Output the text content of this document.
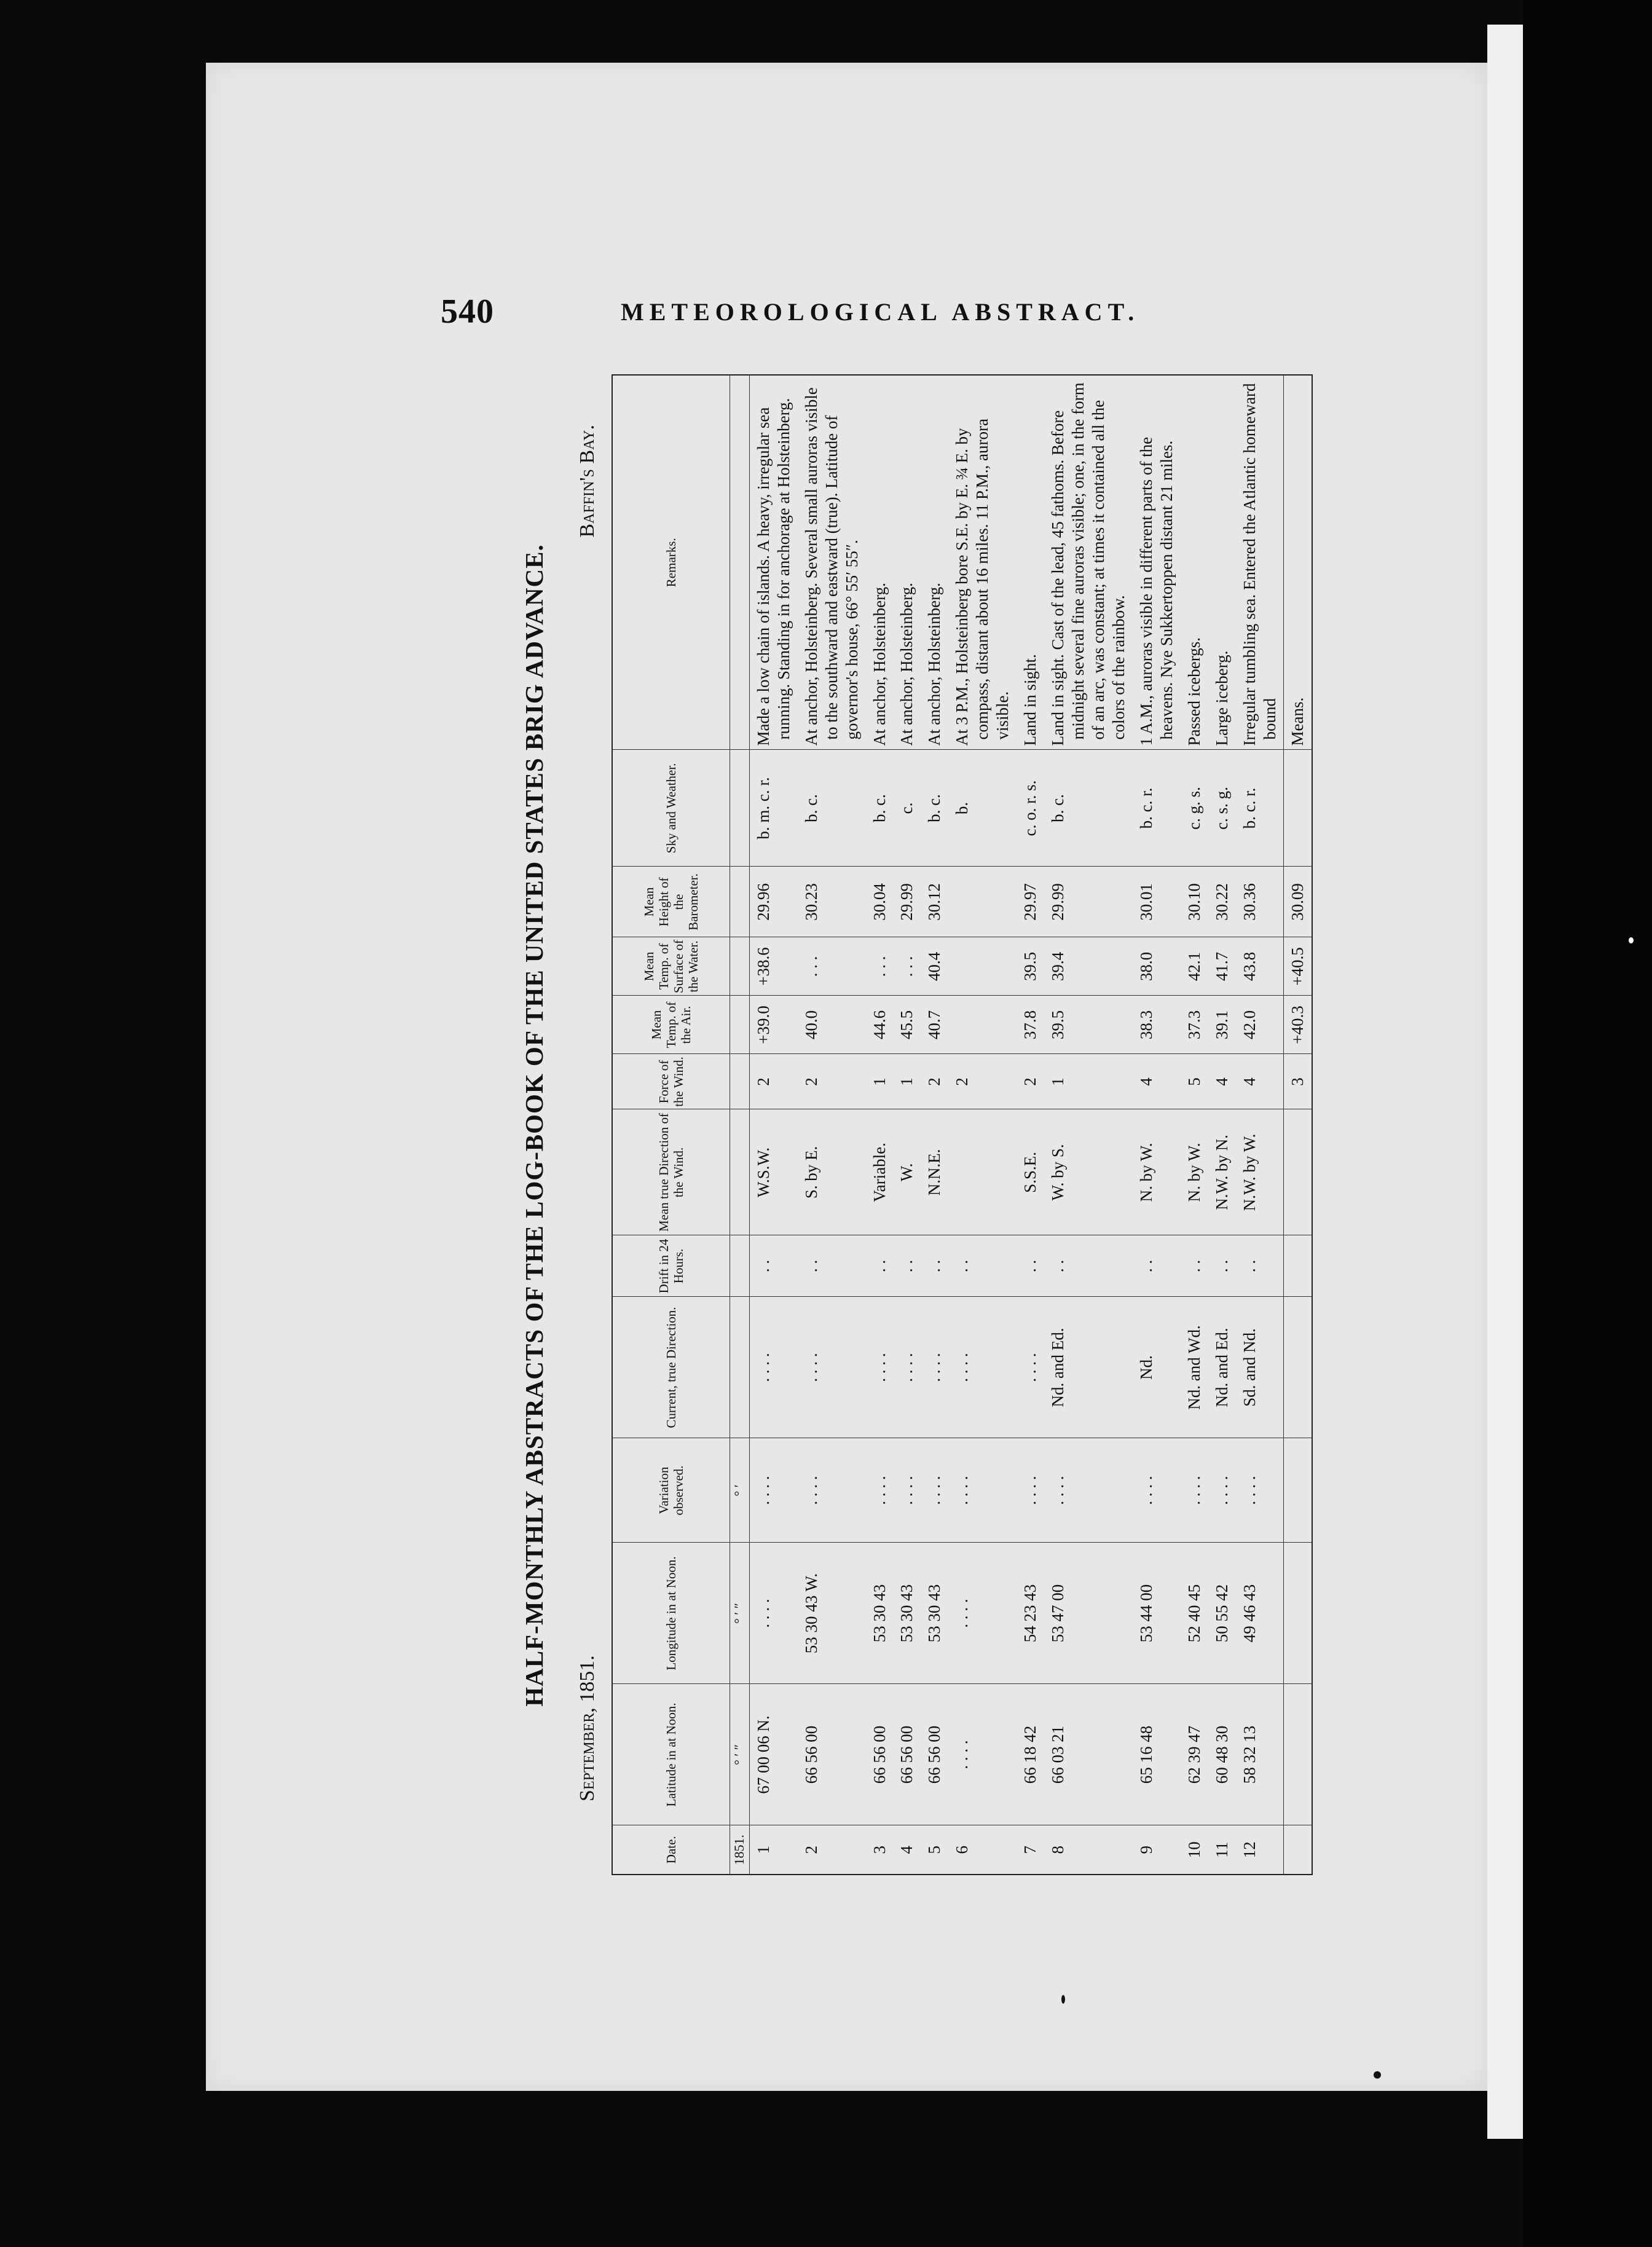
540	METEOROLOGICAL ABSTRACT.
HALF-MONTHLY ABSTRACTS OF THE LOG-BOOK OF THE UNITED STATES BRIG ADVANCE.
September, 1851.
Baffin's Bay.
Date.	Latitude in at Noon.	Longitude in at Noon.	Variation observed.	Current, true Direction.	Drift in 24 Hours.	Mean true Direction of the Wind.	Force of the Wind.	Mean Temp. of the Air.	Mean Temp. of Surface of the Water.	Mean Height of the Barometer.	Sky and Weather.	Remarks.
1851.	° ′ ″	° ′ ″	° ′									
1	67 00 06 N.	. . . .	. . . .	. . . .	. .	W.S.W.	2	+39.0	+38.6	29.96	b. m. c. r.	Made a low chain of islands. A heavy, irregular sea running. Standing in for anchorage at Holsteinberg.
2	66 56 00	53 30 43 W.	. . . .	. . . .	. .	S. by E.	2	40.0	. . .	30.23	b. c.	At anchor, Holsteinberg. Several small auroras visible to the southward and eastward (true). Latitude of governor's house, 66° 55′ 55″.
3	66 56 00	53 30 43	. . . .	. . . .	. .	Variable.	1	44.6	. . .	30.04	b. c.	At anchor, Holsteinberg.
4	66 56 00	53 30 43	. . . .	. . . .	. .	W.	1	45.5	. . .	29.99	c.	At anchor, Holsteinberg.
5	66 56 00	53 30 43	. . . .	. . . .	. .	N.N.E.	2	40.7	40.4	30.12	b. c.	At anchor, Holsteinberg.
6	. . . .	. . . .	. . . .	. . . .	. .		2				b.	At 3 P.M., Holsteinberg bore S.E. by E. ¾ E. by compass, distant about 16 miles. 11 P.M., aurora visible.
7	66 18 42	54 23 43	. . . .	. . . .	. .	S.S.E.	2	37.8	39.5	29.97	c. o. r. s.	Land in sight.
8	66 03 21	53 47 00	. . . .	Nd. and Ed.	. .	W. by S.	1	39.5	39.4	29.99	b. c.	Land in sight. Cast of the lead, 45 fathoms. Before midnight several fine auroras visible; one, in the form of an arc, was constant; at times it contained all the colors of the rainbow.
9	65 16 48	53 44 00	. . . .	Nd.	. .	N. by W.	4	38.3	38.0	30.01	b. c. r.	1 A.M., auroras visible in different parts of the heavens. Nye Sukkertoppen distant 21 miles.
10	62 39 47	52 40 45	. . . .	Nd. and Wd.	. .	N. by W.	5	37.3	42.1	30.10	c. g. s.	Passed icebergs.
11	60 48 30	50 55 42	. . . .	Nd. and Ed.	. .	N.W. by N.	4	39.1	41.7	30.22	c. s. g.	Large iceberg.
12	58 32 13	49 46 43	. . . .	Sd. and Nd.	. .	N.W. by W.	4	42.0	43.8	30.36	b. c. r.	Irregular tumbling sea. Entered the Atlantic homeward bound
							3	+40.3	+40.5	30.09		Means.
